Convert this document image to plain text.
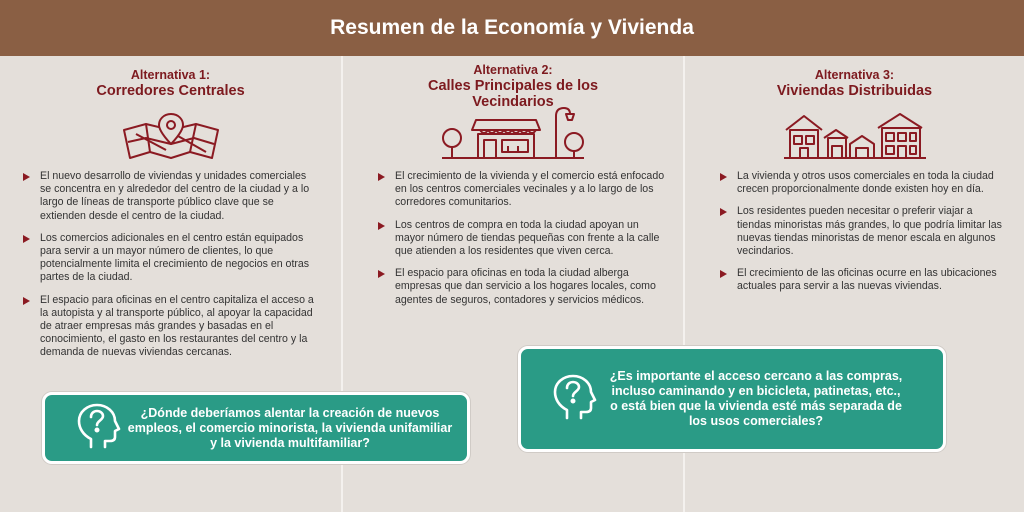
Resumen de la Economía y Vivienda
Alternativa 1:
Corredores Centrales
El nuevo desarrollo de viviendas y unidades comerciales se concentra en y alrededor del centro de la ciudad y a lo largo de líneas de transporte público clave que se extienden desde el centro de la ciudad.
Los comercios adicionales en el centro están equipados para servir a un mayor número de clientes, lo que potencialmente limita el crecimiento de negocios en otras partes de la ciudad.
El espacio para oficinas en el centro capitaliza el acceso a la autopista y al transporte público, al apoyar la capacidad de atraer empresas más grandes y basadas en el conocimiento, el gasto en los restaurantes del centro y la demanda de nuevas viviendas cercanas.
Alternativa 2:
Calles Principales de los Vecindarios
El crecimiento de la vivienda y el comercio está enfocado en los centros comerciales vecinales y a lo largo de los corredores comunitarios.
Los centros de compra en toda la ciudad apoyan un mayor número de tiendas pequeñas con frente a la calle que atienden a los residentes que viven cerca.
El espacio para oficinas en toda la ciudad alberga empresas que dan servicio a los hogares locales, como agentes de seguros, contadores y servicios médicos.
Alternativa 3:
Viviendas Distribuidas
La vivienda y otros usos comerciales en toda la ciudad crecen proporcionalmente donde existen hoy en día.
Los residentes pueden necesitar o preferir viajar a tiendas minoristas más grandes, lo que podría limitar las nuevas tiendas minoristas de menor escala en algunos vecindarios.
El crecimiento de las oficinas ocurre en las ubicaciones actuales para servir a las nuevas viviendas.
¿Dónde deberíamos alentar la creación de nuevos empleos, el comercio minorista, la vivienda unifamiliar y la vivienda multifamiliar?
¿Es importante el acceso cercano a las compras, incluso caminando y en bicicleta, patinetas, etc., o está bien que la vivienda esté más separada de los usos comerciales?
